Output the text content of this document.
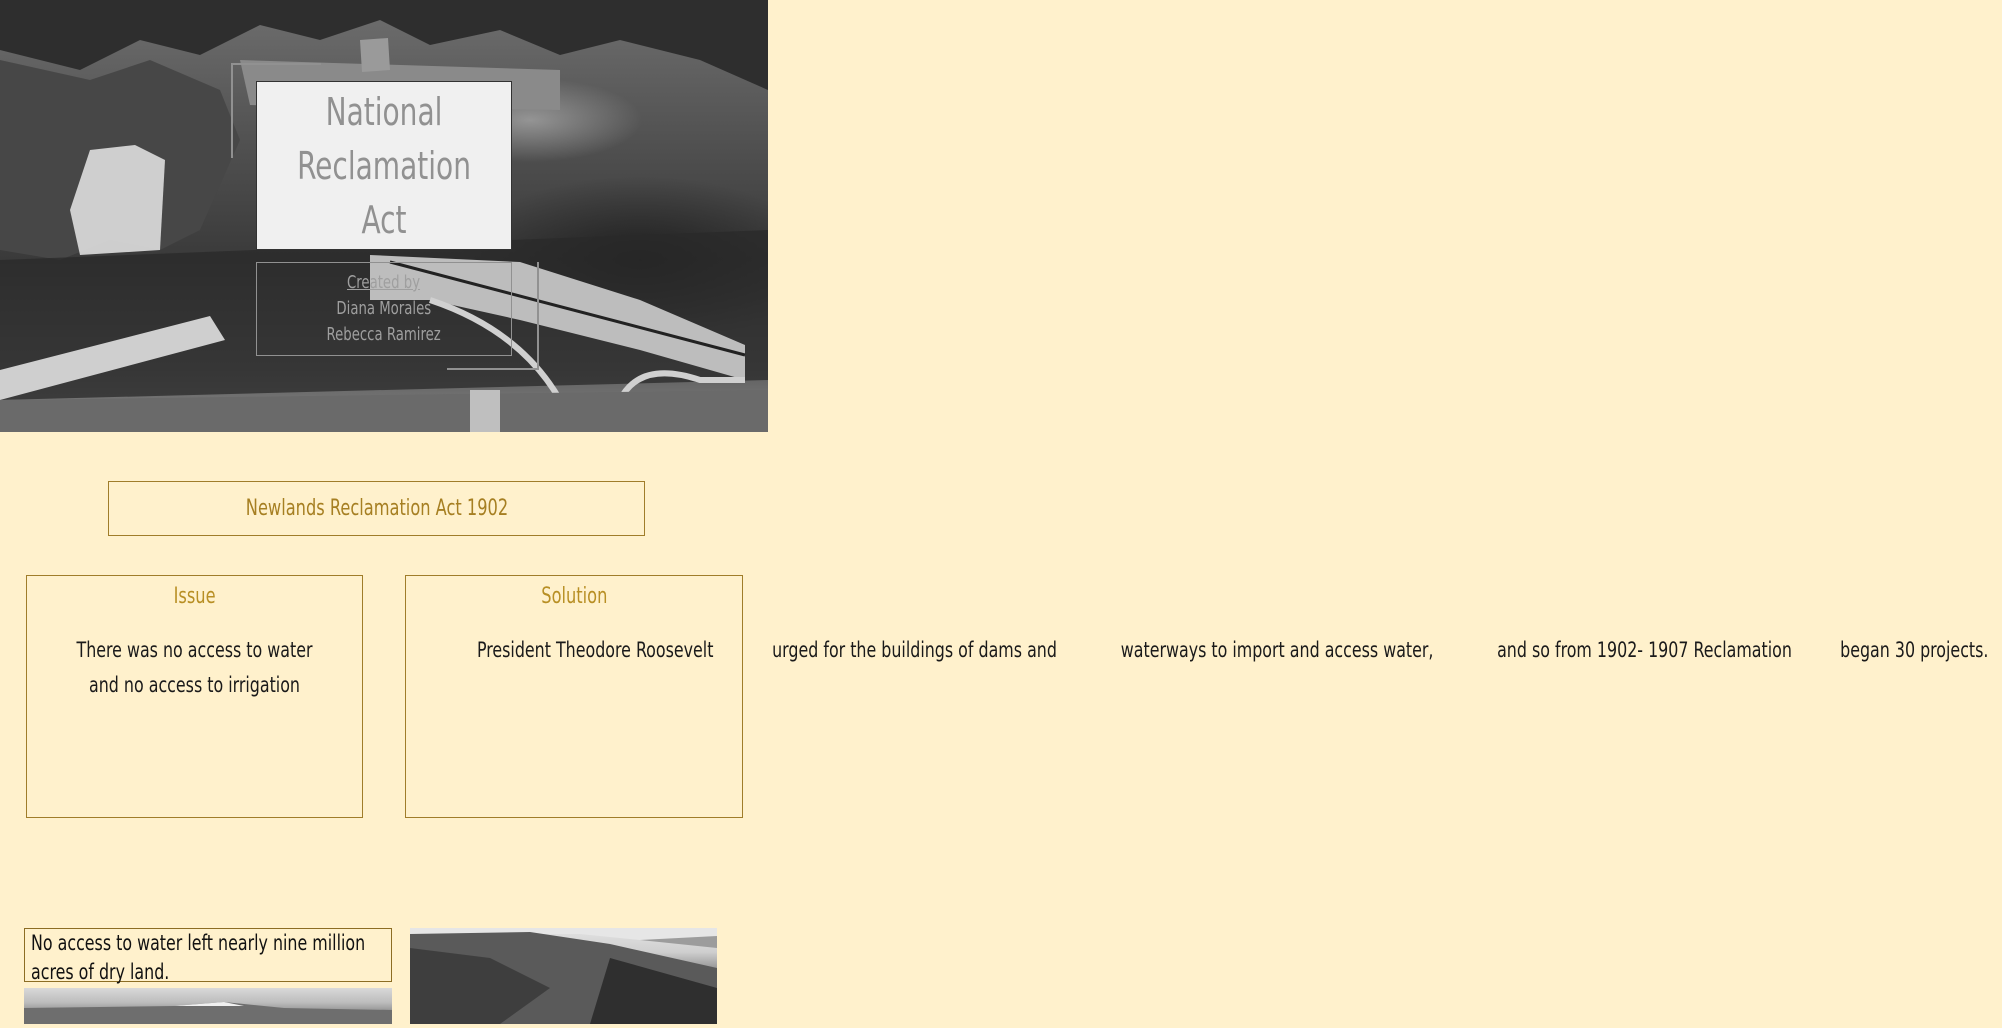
National
Reclamation
Act
Created by
Diana Morales
Rebecca Ramirez
Newlands Reclamation Act 1902
Issue
There was no access to water and no access to irrigation
Solution
President Theodore Roosevelt	urged for the buildings of dams and	waterways to import and access water,	and so from 1902- 1907 Reclamation began 30 projects.
No access to water left nearly nine million
acres of dry land.
